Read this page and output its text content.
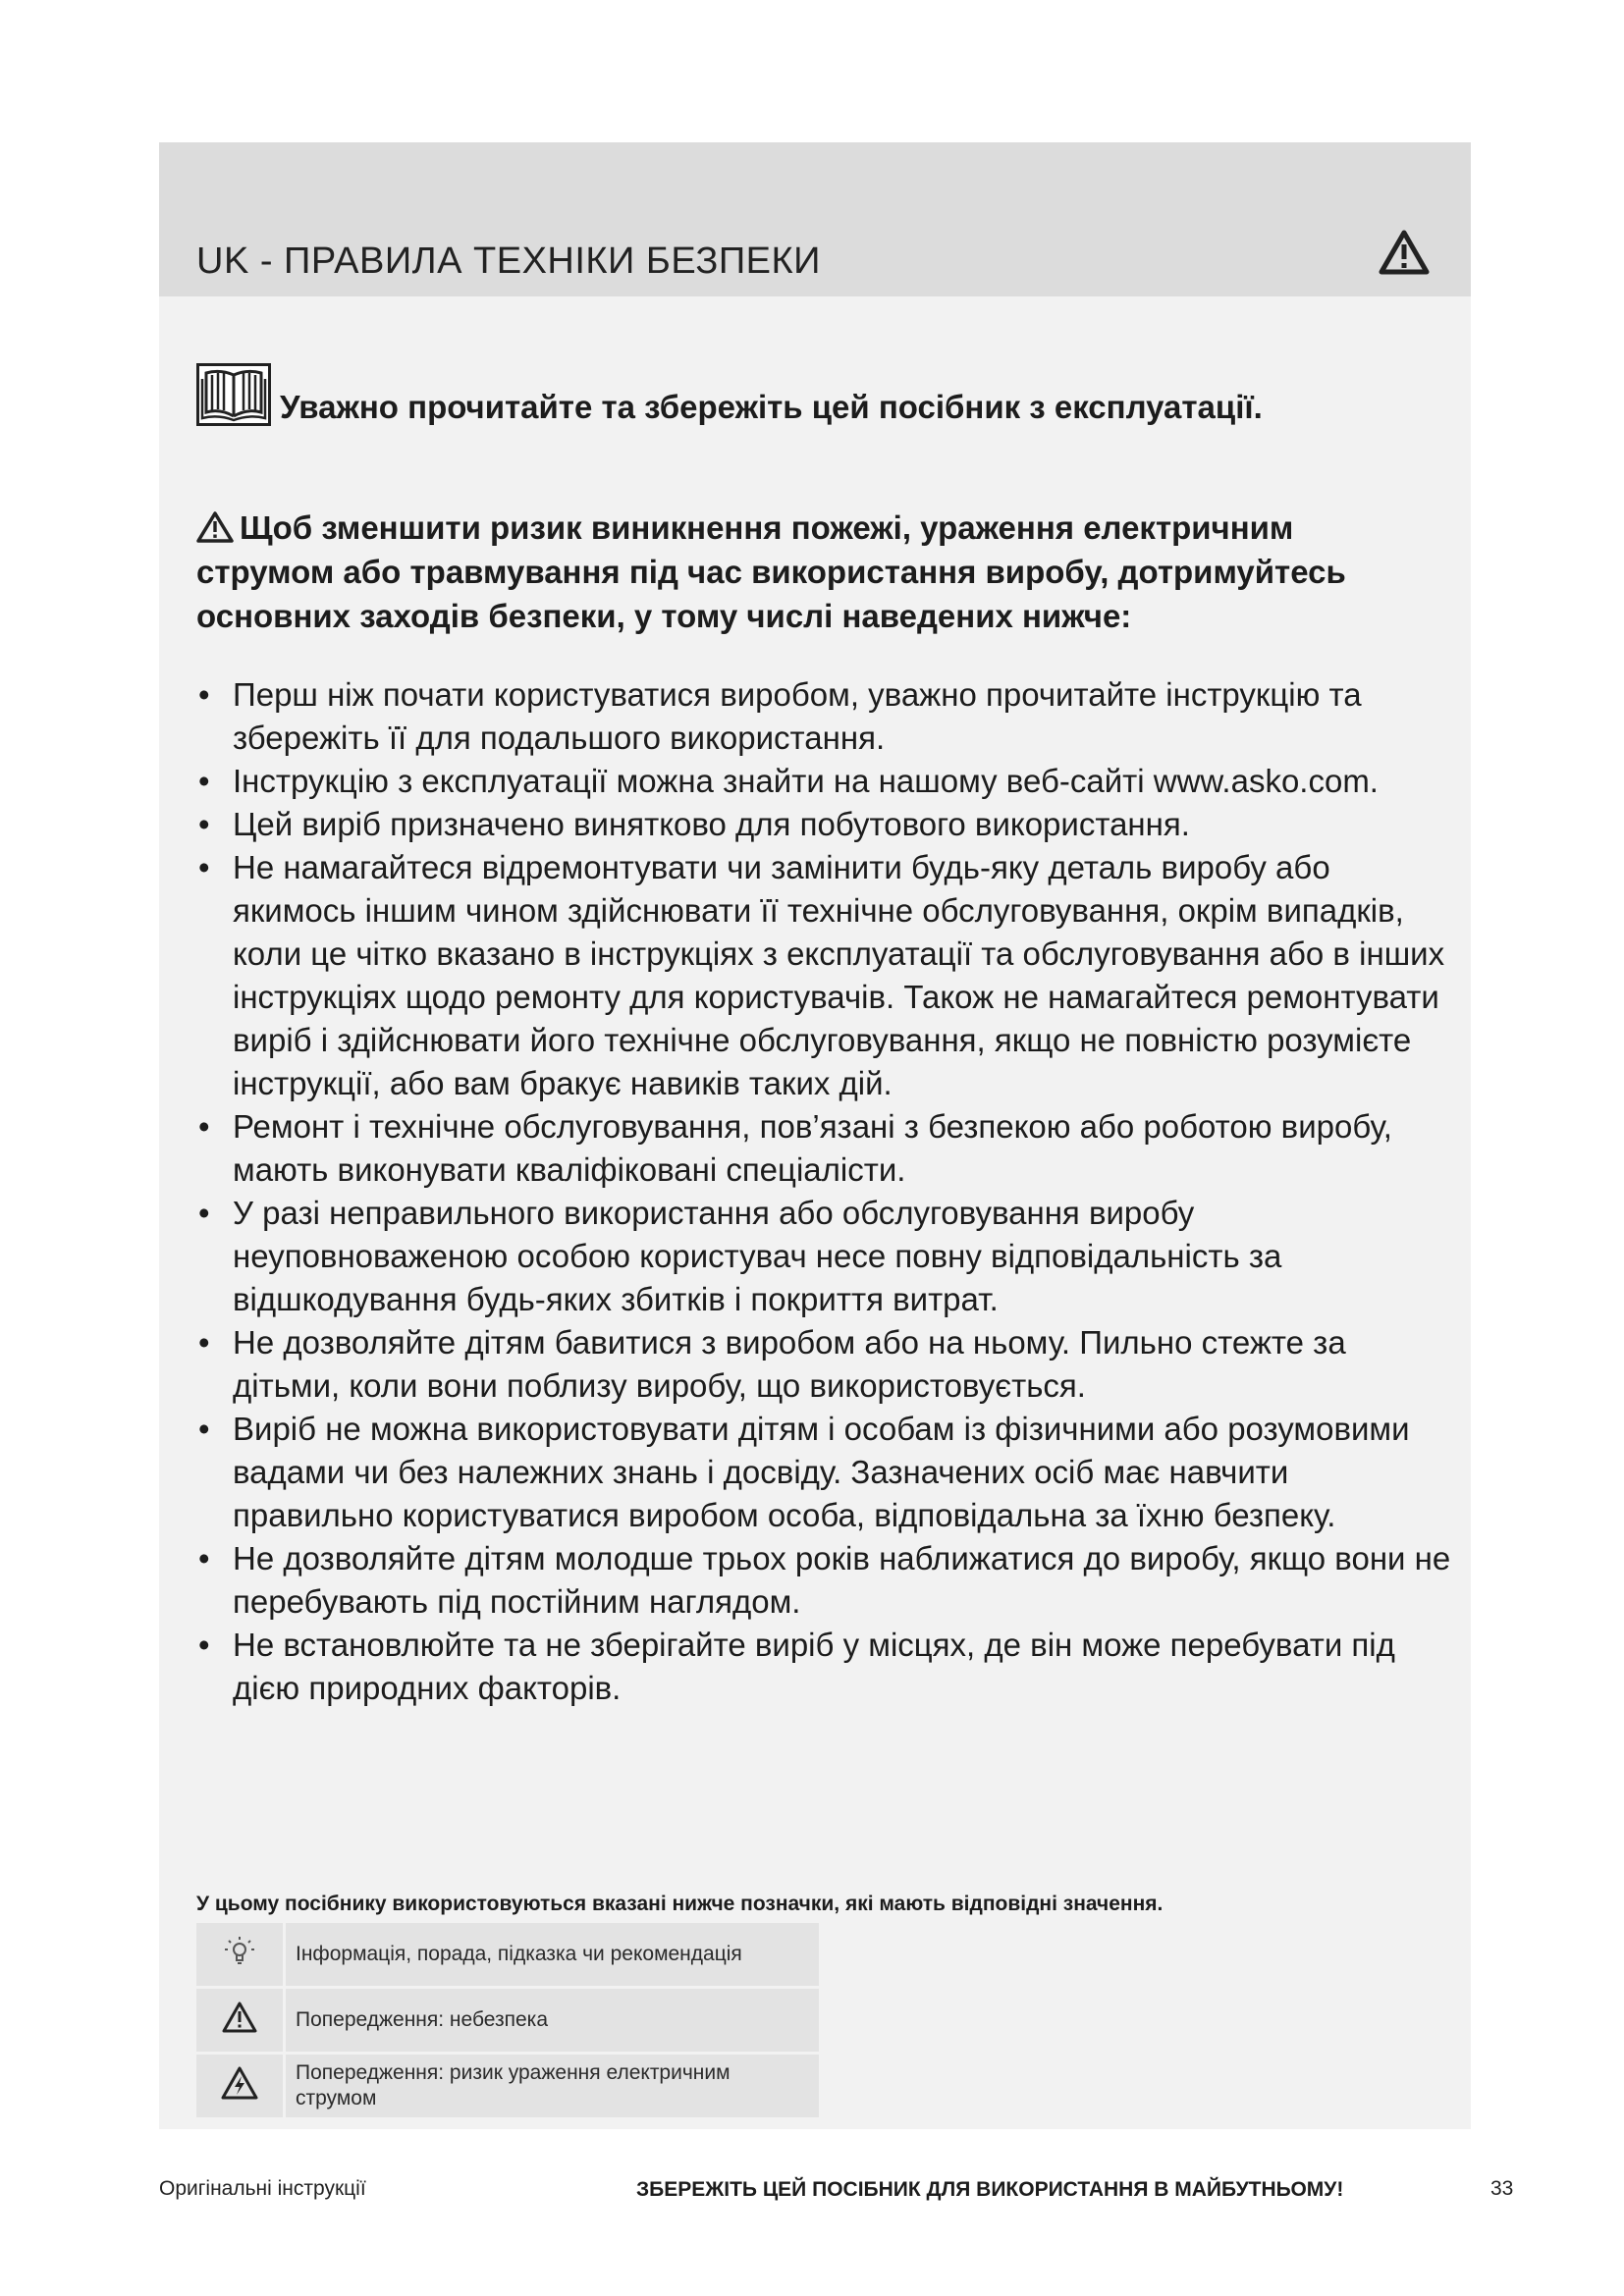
UK - ПРАВИЛА ТЕХНІКИ БЕЗПЕКИ
Уважно прочитайте та збережіть цей посібник з експлуатації.
Щоб зменшити ризик виникнення пожежі, ураження електричним струмом або травмування під час використання виробу, дотримуйтесь основних заходів безпеки, у тому числі наведених нижче:
• Перш ніж почати користуватися виробом, уважно прочитайте інструкцію та збережіть її для подальшого використання.
• Інструкцію з експлуатації можна знайти на нашому веб-сайті www.asko.com.
• Цей виріб призначено винятково для побутового використання.
• Не намагайтеся відремонтувати чи замінити будь-яку деталь виробу або якимось іншим чином здійснювати її технічне обслуговування, окрім випадків, коли це чітко вказано в інструкціях з експлуатації та обслуговування або в інших інструкціях щодо ремонту для користувачів. Також не намагайтеся ремонтувати виріб і здійснювати його технічне обслуговування, якщо не повністю розумієте інструкції, або вам бракує навиків таких дій.
• Ремонт і технічне обслуговування, пов’язані з безпекою або роботою виробу, мають виконувати кваліфіковані спеціалісти.
• У разі неправильного використання або обслуговування виробу неуповноваженою особою користувач несе повну відповідальність за відшкодування будь-яких збитків і покриття витрат.
• Не дозволяйте дітям бавитися з виробом або на ньому. Пильно стежте за дітьми, коли вони поблизу виробу, що використовується.
• Виріб не можна використовувати дітям і особам із фізичними або розумовими вадами чи без належних знань і досвіду. Зазначених осіб має навчити правильно користуватися виробом особа, відповідальна за їхню безпеку.
• Не дозволяйте дітям молодше трьох років наближатися до виробу, якщо вони не перебувають під постійним наглядом.
• Не встановлюйте та не зберігайте виріб у місцях, де він може перебувати під дією природних факторів.
У цьому посібнику використовуються вказані нижче позначки, які мають відповідні значення.
	Інформація, порада, підказка чи рекомендація
	Попередження: небезпека
	Попередження: ризик ураження електричним струмом
Оригінальні інструкції	ЗБЕРЕЖІТЬ ЦЕЙ ПОСІБНИК ДЛЯ ВИКОРИСТАННЯ В МАЙБУТНЬОМУ!	33
